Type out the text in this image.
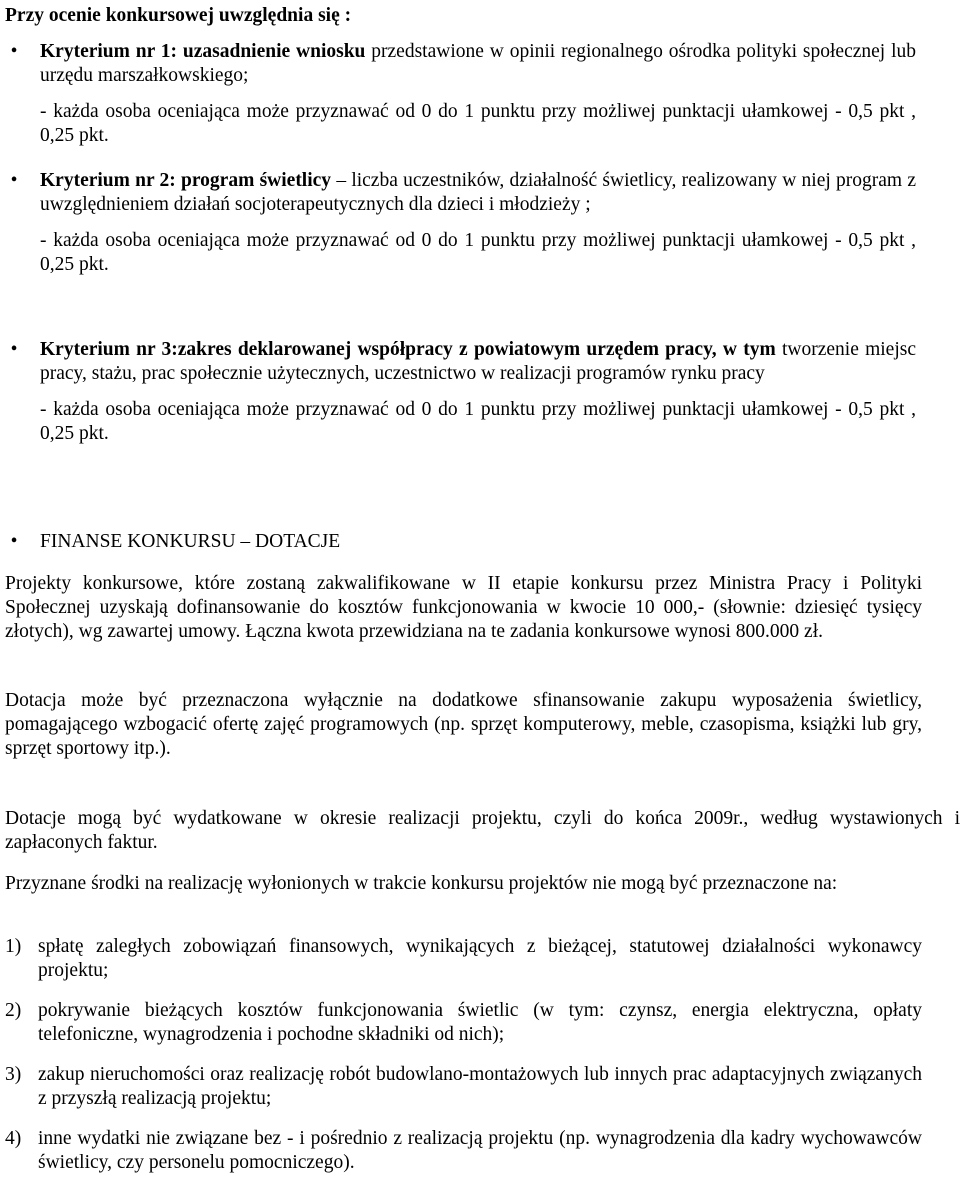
Przy ocenie konkursowej uwzględnia się :
• Kryterium nr 1: uzasadnienie wniosku przedstawione w opinii regionalnego ośrodka polityki społecznej lub urzędu marszałkowskiego;
- każda osoba oceniająca może przyznawać od 0 do 1 punktu przy możliwej punktacji ułamkowej - 0,5 pkt , 0,25 pkt.
• Kryterium nr 2: program świetlicy – liczba uczestników, działalność świetlicy, realizowany w niej program z uwzględnieniem działań socjoterapeutycznych dla dzieci i młodzieży ;
- każda osoba oceniająca może przyznawać od 0 do 1 punktu przy możliwej punktacji ułamkowej - 0,5 pkt , 0,25 pkt.
• Kryterium nr 3:zakres deklarowanej współpracy z powiatowym urzędem pracy, w tym tworzenie miejsc pracy, stażu, prac społecznie użytecznych, uczestnictwo w realizacji programów rynku pracy
- każda osoba oceniająca może przyznawać od 0 do 1 punktu przy możliwej punktacji ułamkowej - 0,5 pkt , 0,25 pkt.
• FINANSE KONKURSU – DOTACJE
Projekty konkursowe, które zostaną zakwalifikowane w II etapie konkursu przez Ministra Pracy i Polityki Społecznej uzyskają dofinansowanie do kosztów funkcjonowania w kwocie 10 000,- (słownie: dziesięć tysięcy złotych), wg zawartej umowy. Łączna kwota przewidziana na te zadania konkursowe wynosi 800.000 zł.
Dotacja może być przeznaczona wyłącznie na dodatkowe sfinansowanie zakupu wyposażenia świetlicy, pomagającego wzbogacić ofertę zajęć programowych (np. sprzęt komputerowy, meble, czasopisma, książki lub gry, sprzęt sportowy itp.).
Dotacje mogą być wydatkowane w okresie realizacji projektu, czyli do końca 2009r., według wystawionych i zapłaconych faktur.
Przyznane środki na realizację wyłonionych w trakcie konkursu projektów nie mogą być przeznaczone na:
1) spłatę zaległych zobowiązań finansowych, wynikających z bieżącej, statutowej działalności wykonawcy projektu;
2) pokrywanie bieżących kosztów funkcjonowania świetlic (w tym: czynsz, energia elektryczna, opłaty telefoniczne, wynagrodzenia i pochodne składniki od nich);
3) zakup nieruchomości oraz realizację robót budowlano-montażowych lub innych prac adaptacyjnych związanych z przyszłą realizacją projektu;
4) inne wydatki nie związane bez - i pośrednio z realizacją projektu (np. wynagrodzenia dla kadry wychowawców świetlicy, czy personelu pomocniczego).
